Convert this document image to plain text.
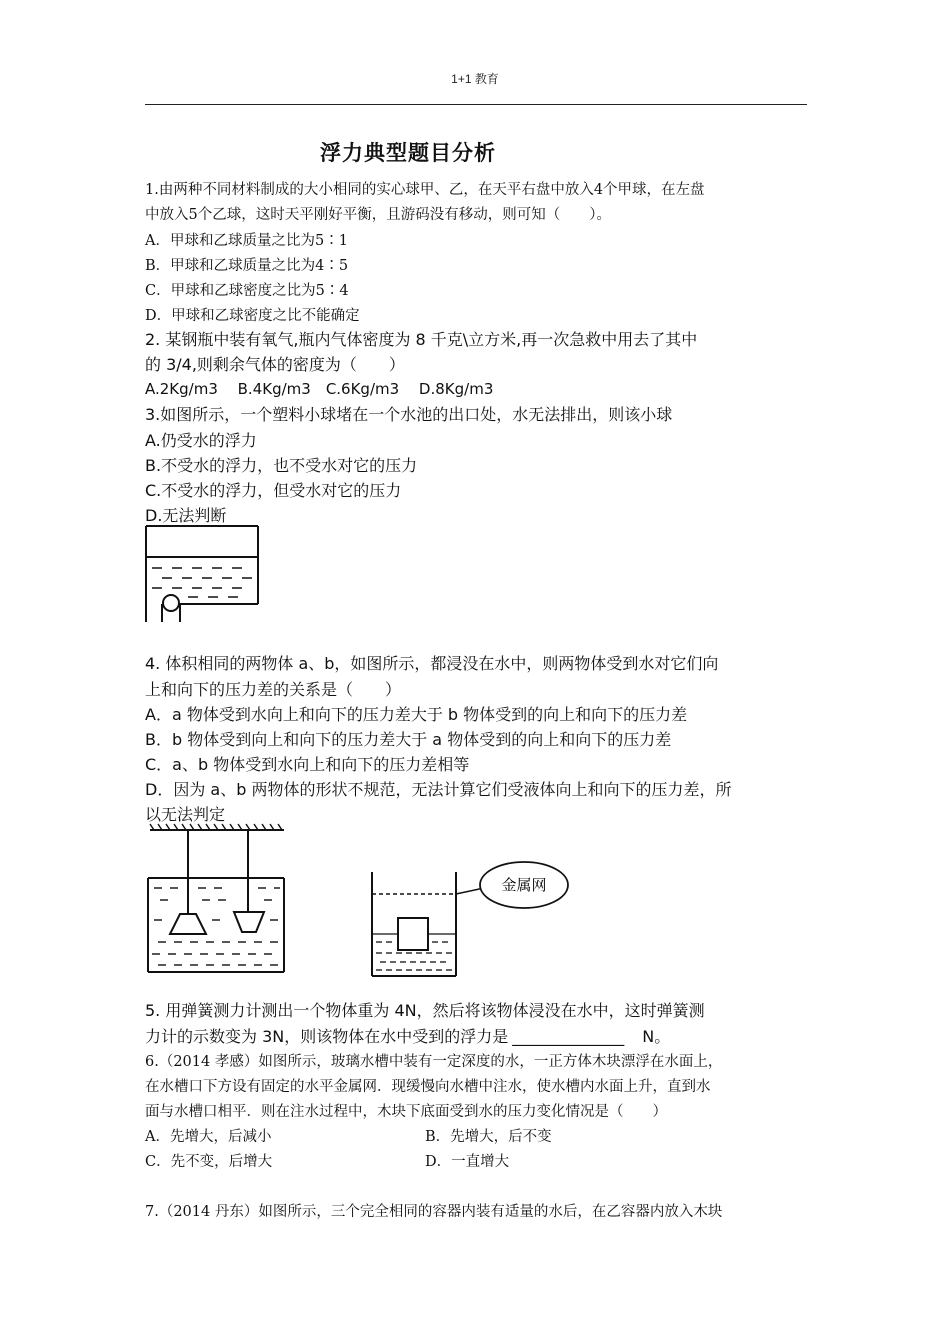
1+1 教育
浮力典型题目分析
1.由两种不同材料制成的大小相同的实心球甲、乙，在天平右盘中放入4个甲球，在左盘
中放入5个乙球，这时天平刚好平衡，且游码没有移动，则可知（　　）。
A．甲球和乙球质量之比为5∶1
B．甲球和乙球质量之比为4∶5
C．甲球和乙球密度之比为5∶4
D．甲球和乙球密度之比不能确定
2. 某钢瓶中装有氧气,瓶内气体密度为 8 千克\立方米,再一次急救中用去了其中
的 3/4,则剩余气体的密度为（　　）
A.2Kg/m3　 B.4Kg/m3　C.6Kg/m3　 D.8Kg/m3
3.如图所示，一个塑料小球堵在一个水池的出口处，水无法排出，则该小球
A.仍受水的浮力
B.不受水的浮力，也不受水对它的压力
C.不受水的浮力，但受水对它的压力
D.无法判断
4. 体积相同的两物体 a、b，如图所示，都浸没在水中，则两物体受到水对它们向
上和向下的压力差的关系是（　　）
A．a 物体受到水向上和向下的压力差大于 b 物体受到的向上和向下的压力差
B．b 物体受到向上和向下的压力差大于 a 物体受到的向上和向下的压力差
C．a、b 物体受到水向上和向下的压力差相等
D．因为 a、b 两物体的形状不规范，无法计算它们受液体向上和向下的压力差，所
以无法判定
金属网
5. 用弹簧测力计测出一个物体重为 4N，然后将该物体浸没在水中，这时弹簧测
力计的示数变为 3N，则该物体在水中受到的浮力是 ______________ N。
6.（2014 孝感）如图所示，玻璃水槽中装有一定深度的水，一正方体木块漂浮在水面上，
在水槽口下方设有固定的水平金属网．现缓慢向水槽中注水，使水槽内水面上升，直到水
面与水槽口相平．则在注水过程中，木块下底面受到水的压力变化情况是（　　）
A．先增大，后减小	B．先增大，后不变
C．先不变，后增大	D．一直增大
7.（2014 丹东）如图所示，三个完全相同的容器内装有适量的水后，在乙容器内放入木块
